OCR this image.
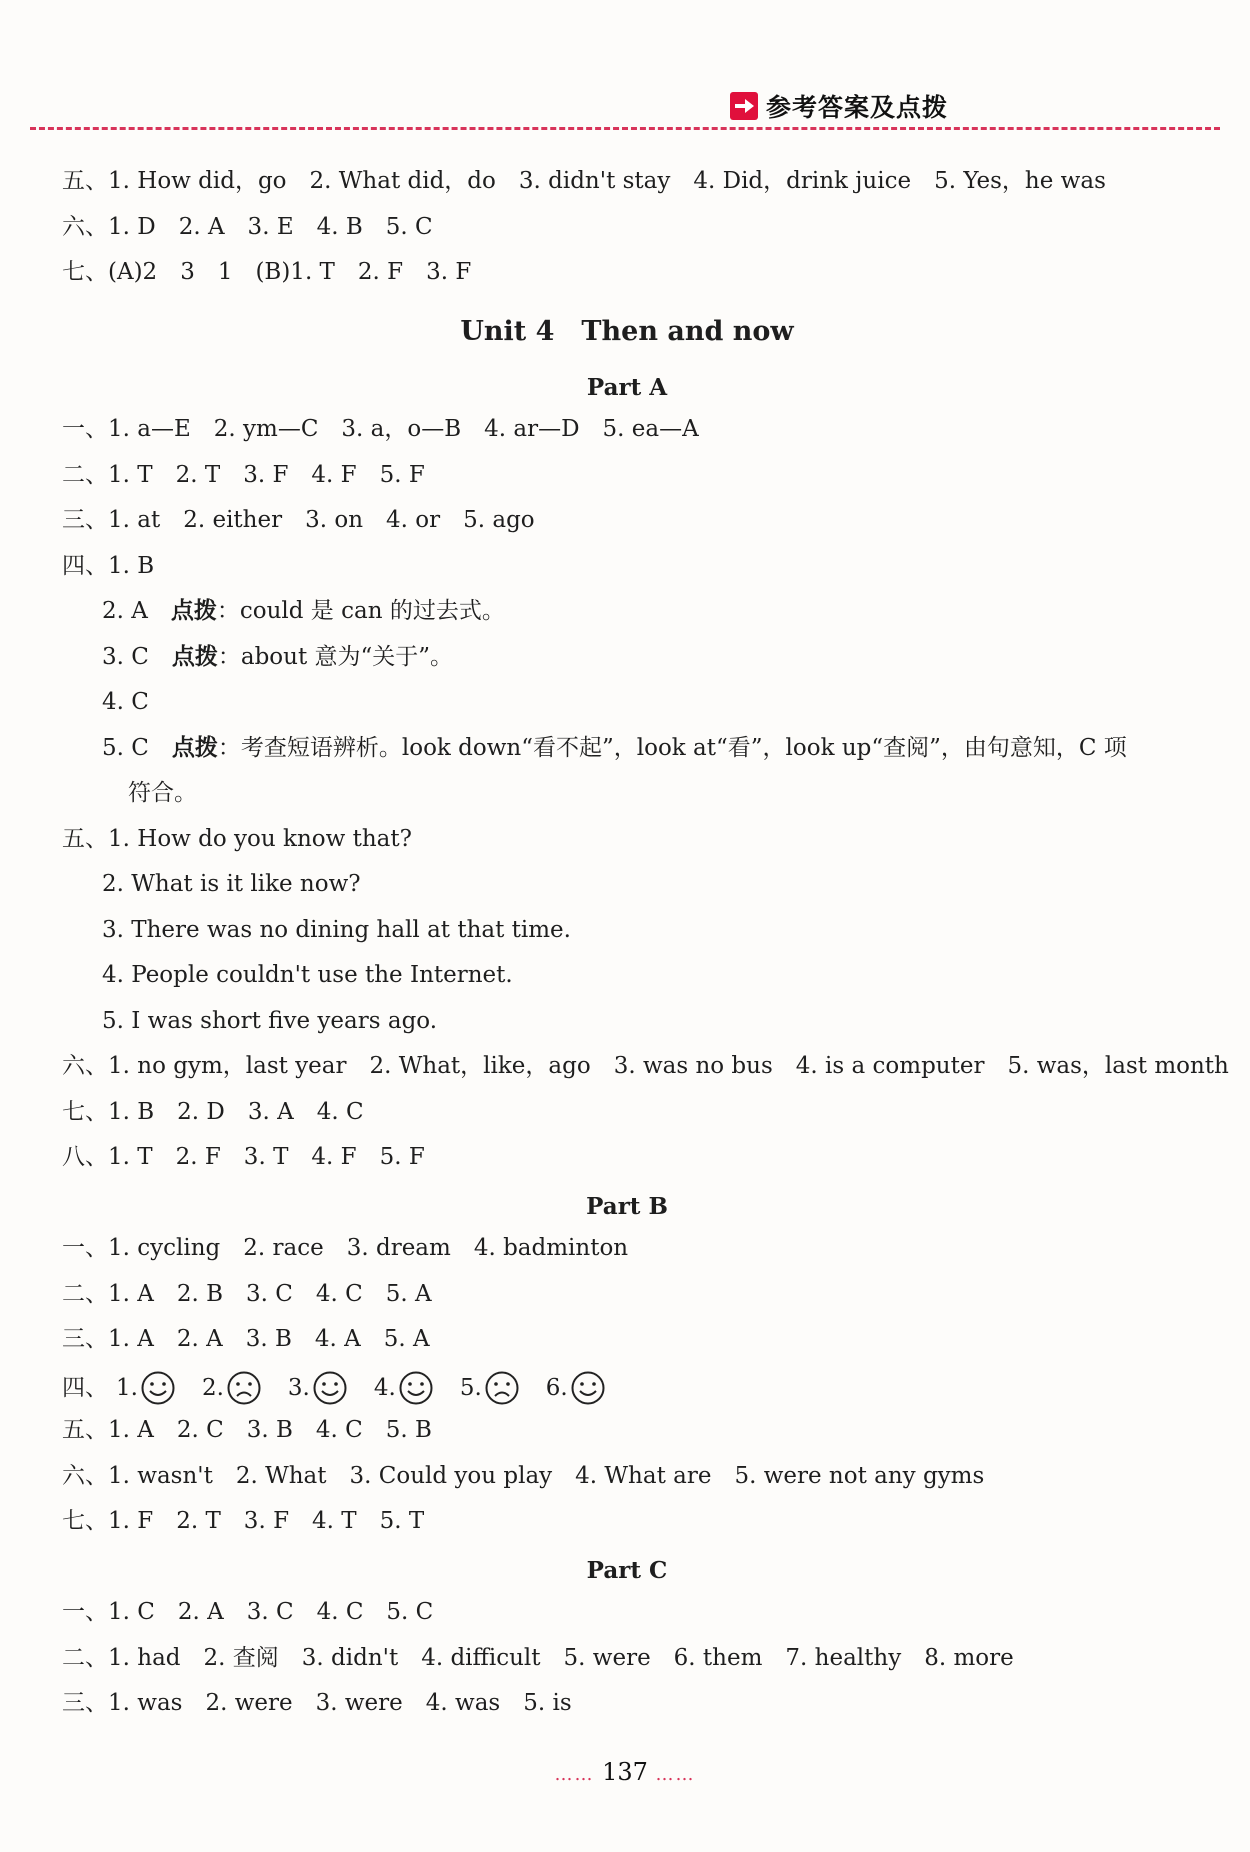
参考答案及点拨
五、1. How did，go　2. What did，do　3. didn't stay　4. Did，drink juice　5. Yes，he was
六、1. D　2. A　3. E　4. B　5. C
七、(A)2　3　1　(B)1. T　2. F　3. F
Unit 4　Then and now
Part A
一、1. a—E　2. ym—C　3. a，o—B　4. ar—D　5. ea—A
二、1. T　2. T　3. F　4. F　5. F
三、1. at　2. either　3. on　4. or　5. ago
四、1. B
2. A　点拨：could 是 can 的过去式。
3. C　点拨：about 意为“关于”。
4. C
5. C　点拨：考查短语辨析。look down“看不起”，look at“看”，look up“查阅”，由句意知，C 项
符合。
五、1. How do you know that?
2. What is it like now?
3. There was no dining hall at that time.
4. People couldn't use the Internet.
5. I was short five years ago.
六、1. no gym，last year　2. What，like，ago　3. was no bus　4. is a computer　5. was，last month
七、1. B　2. D　3. A　4. C
八、1. T　2. F　3. T　4. F　5. F
Part B
一、1. cycling　2. race　3. dream　4. badminton
二、1. A　2. B　3. C　4. C　5. A
三、1. A　2. A　3. B　4. A　5. A
四、 1.	2.	3.	4.	5.	6.
五、1. A　2. C　3. B　4. C　5. B
六、1. wasn't　2. What　3. Could you play　4. What are　5. were not any gyms
七、1. F　2. T　3. F　4. T　5. T
Part C
一、1. C　2. A　3. C　4. C　5. C
二、1. had　2. 查阅　3. didn't　4. difficult　5. were　6. them　7. healthy　8. more
三、1. was　2. were　3. were　4. was　5. is
…… 137 ……
